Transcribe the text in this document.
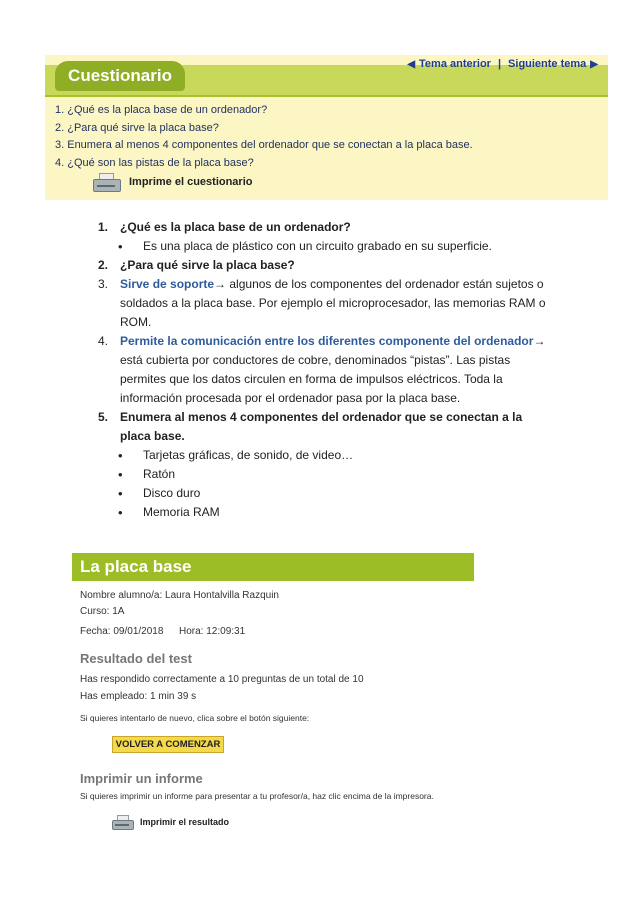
Cuestionario
◀ Tema anterior | Siguiente tema ▶
1. ¿Qué es la placa base de un ordenador?
2. ¿Para qué sirve la placa base?
3. Enumera al menos 4 componentes del ordenador que se conectan a la placa base.
4. ¿Qué son las pistas de la placa base?
Imprime el cuestionario
1. ¿Qué es la placa base de un ordenador?
• Es una placa de plástico con un circuito grabado en su superficie.
2. ¿Para qué sirve la placa base?
3. Sirve de soporte→ algunos de los componentes del ordenador están sujetos o soldados a la placa base. Por ejemplo el microprocesador, las memorias RAM o ROM.
4. Permite la comunicación entre los diferentes componente del ordenador→ está cubierta por conductores de cobre, denominados “pistas”. Las pistas permites que los datos circulen en forma de impulsos eléctricos. Toda la información procesada por el ordenador pasa por la placa base.
5. Enumera al menos 4 componentes del ordenador que se conectan a la placa base.
• Tarjetas gráficas, de sonido, de video…
• Ratón
• Disco duro
• Memoria RAM
La placa base
Nombre alumno/a: Laura Hontalvilla Razquin
Curso: 1A
Fecha: 09/01/2018 Hora: 12:09:31
Resultado del test
Has respondido correctamente a 10 preguntas de un total de 10
Has empleado: 1 min 39 s
Si quieres intentarlo de nuevo, clica sobre el botón siguiente:
VOLVER A COMENZAR
Imprimir un informe
Si quieres imprimir un informe para presentar a tu profesor/a, haz clic encima de la impresora.
Imprimir el resultado
